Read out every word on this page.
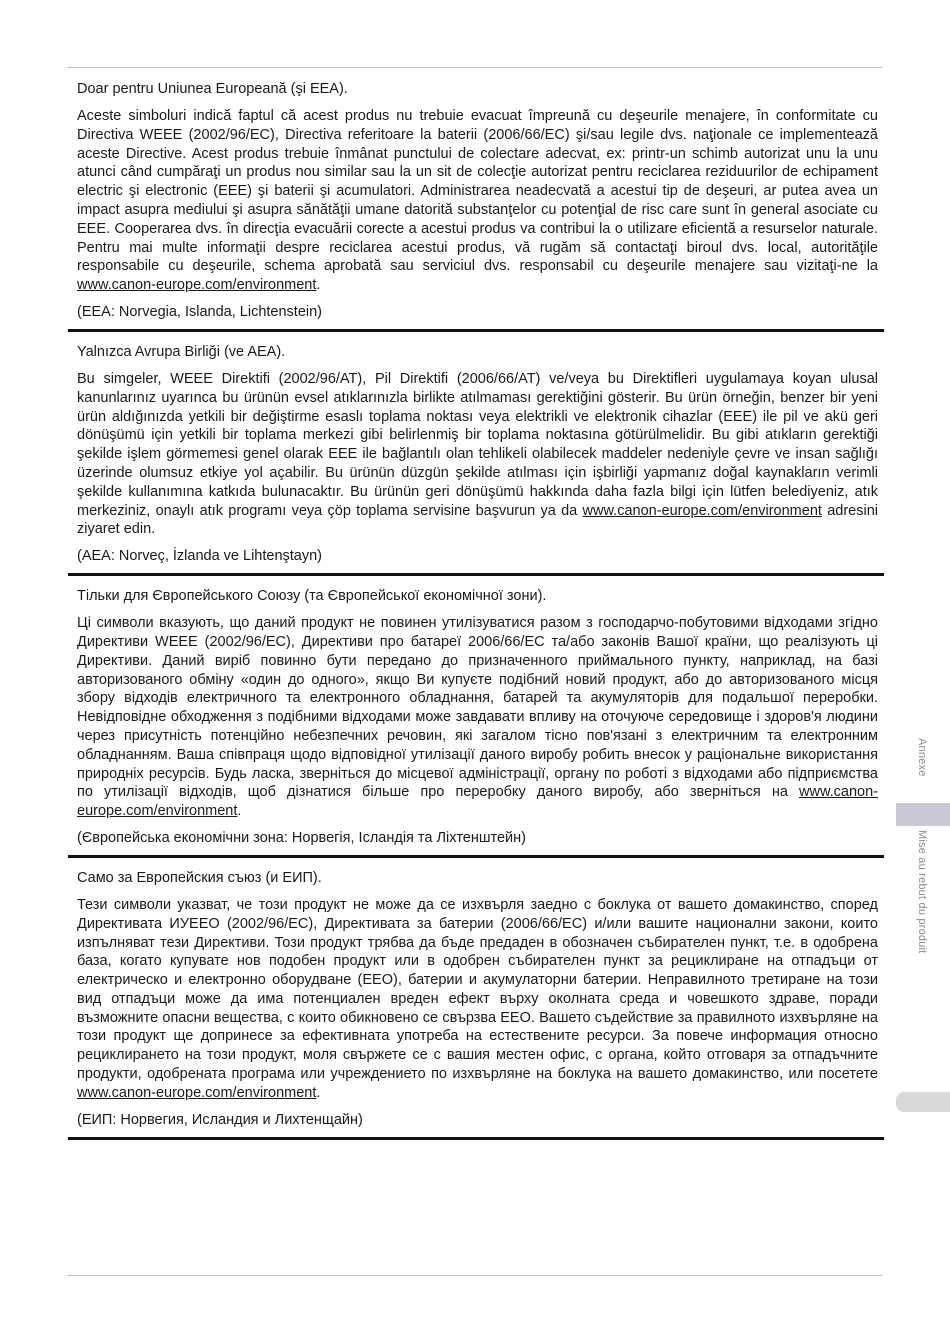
Doar pentru Uniunea Europeană (şi EEA).

Aceste simboluri indică faptul că acest produs nu trebuie evacuat împreună cu deşeurile menajere, în conformitate cu Directiva WEEE (2002/96/EC), Directiva referitoare la baterii (2006/66/EC) şi/sau legile dvs. naţionale ce implementează aceste Directive. Acest produs trebuie înmânat punctului de colectare adecvat, ex: printr-un schimb autorizat unu la unu atunci când cumpăraţi un produs nou similar sau la un sit de colecţie autorizat pentru reciclarea reziduurilor de echipament electric şi electronic (EEE) şi baterii şi acumulatori. Administrarea neadecvată a acestui tip de deşeuri, ar putea avea un impact asupra mediului şi asupra sănătăţii umane datorită substanţelor cu potenţial de risc care sunt în general asociate cu EEE. Cooperarea dvs. în direcţia evacuării corecte a acestui produs va contribui la o utilizare eficientă a resurselor naturale. Pentru mai multe informaţii despre reciclarea acestui produs, vă rugăm să contactaţi biroul dvs. local, autorităţile responsabile cu deşeurile, schema aprobată sau serviciul dvs. responsabil cu deşeurile menajere sau vizitaţi-ne la www.canon-europe.com/environment.

(EEA: Norvegia, Islanda, Lichtenstein)

Yalnızca Avrupa Birliği (ve AEA).

Bu simgeler, WEEE Direktifi (2002/96/AT), Pil Direktifi (2006/66/AT) ve/veya bu Direktifleri uygulamaya koyan ulusal kanunlarınız uyarınca bu ürünün evsel atıklarınızla birlikte atılmaması gerektiğini gösterir. Bu ürün örneğin, benzer bir yeni ürün aldığınızda yetkili bir değiştirme esaslı toplama noktası veya elektrikli ve elektronik cihazlar (EEE) ile pil ve akü geri dönüşümü için yetkili bir toplama merkezi gibi belirlenmiş bir toplama noktasına götürülmelidir. Bu gibi atıkların gerektiği şekilde işlem görmemesi genel olarak EEE ile bağlantılı olan tehlikeli olabilecek maddeler nedeniyle çevre ve insan sağlığı üzerinde olumsuz etkiye yol açabilir. Bu ürünün düzgün şekilde atılması için işbirliği yapmanız doğal kaynakların verimli şekilde kullanımına katkıda bulunacaktır. Bu ürünün geri dönüşümü hakkında daha fazla bilgi için lütfen belediyeniz, atık merkeziniz, onaylı atık programı veya çöp toplama servisine başvurun ya da www.canon-europe.com/environment adresini ziyaret edin.

(AEA: Norveç, İzlanda ve Lihtenştayn)

Тільки для Європейського Союзу (та Європейської економічної зони).

Ці символи вказують, що даний продукт не повинен утилізуватися разом з господарчо-побутовими відходами згідно Директиви WEEE (2002/96/EC), Директиви про батареї 2006/66/EC та/або законів Вашої країни, що реалізують ці Директиви. Даний виріб повинно бути передано до призначенного приймального пункту, наприклад, на базі авторизованого обміну «один до одного», якщо Ви купуєте подібний новий продукт, або до авторизованого місця збору відходів електричного та електронного обладнання, батарей та акумуляторів для подальшої переробки. Невідповідне обходження з подібними відходами може завдавати впливу на оточуюче середовище і здоров'я людини через присутність потенційно небезпечних речовин, які загалом тісно пов'язані з електричним та електронним обладнанням. Ваша співпраця щодо відповідної утилізації даного виробу робить внесок у раціональне використання природніх ресурсів. Будь ласка, зверніться до місцевої адміністрації, органу по роботі з відходами або підприємства по утилізації відходів, щоб дізнатися більше про переробку даного виробу, або зверніться на www.canon-europe.com/environment.

(Європейська економічни зона: Норвегія, Ісландія та Ліхтенштейн)

Само за Европейския съюз (и ЕИП).

Тези символи указват, че този продукт не може да се изхвърля заедно с боклука от вашето домакинство, според Директивата ИУЕЕО (2002/96/ЕС), Директивата за батерии (2006/66/ЕС) и/или вашите национални закони, които изпълняват тези Директиви. Този продукт трябва да бъде предаден в обозначен събирателен пункт, т.е. в одобрена база, когато купувате нов подобен продукт или в одобрен събирателен пункт за рециклиране на отпадъци от електрическо и електронно оборудване (ЕЕО), батерии и акумулаторни батерии. Неправилното третиране на този вид отпадъци може да има потенциален вреден ефект върху околната среда и човешкото здраве, поради възможните опасни вещества, с които обикновено се свързва ЕЕО. Вашето съдействие за правилното изхвърляне на този продукт ще допринесе за ефективната употреба на естествените ресурси. За повече информация относно рециклирането на този продукт, моля свържете се с вашия местен офис, с органа, който отговаря за отпадъчните продукти, одобрената програма или учреждението по изхвърляне на боклука на вашето домакинство, или посетете www.canon-europe.com/environment.

(ЕИП: Норвегия, Исландия и Лихтенщайн)

Annexe
Mise au rebut du produit
